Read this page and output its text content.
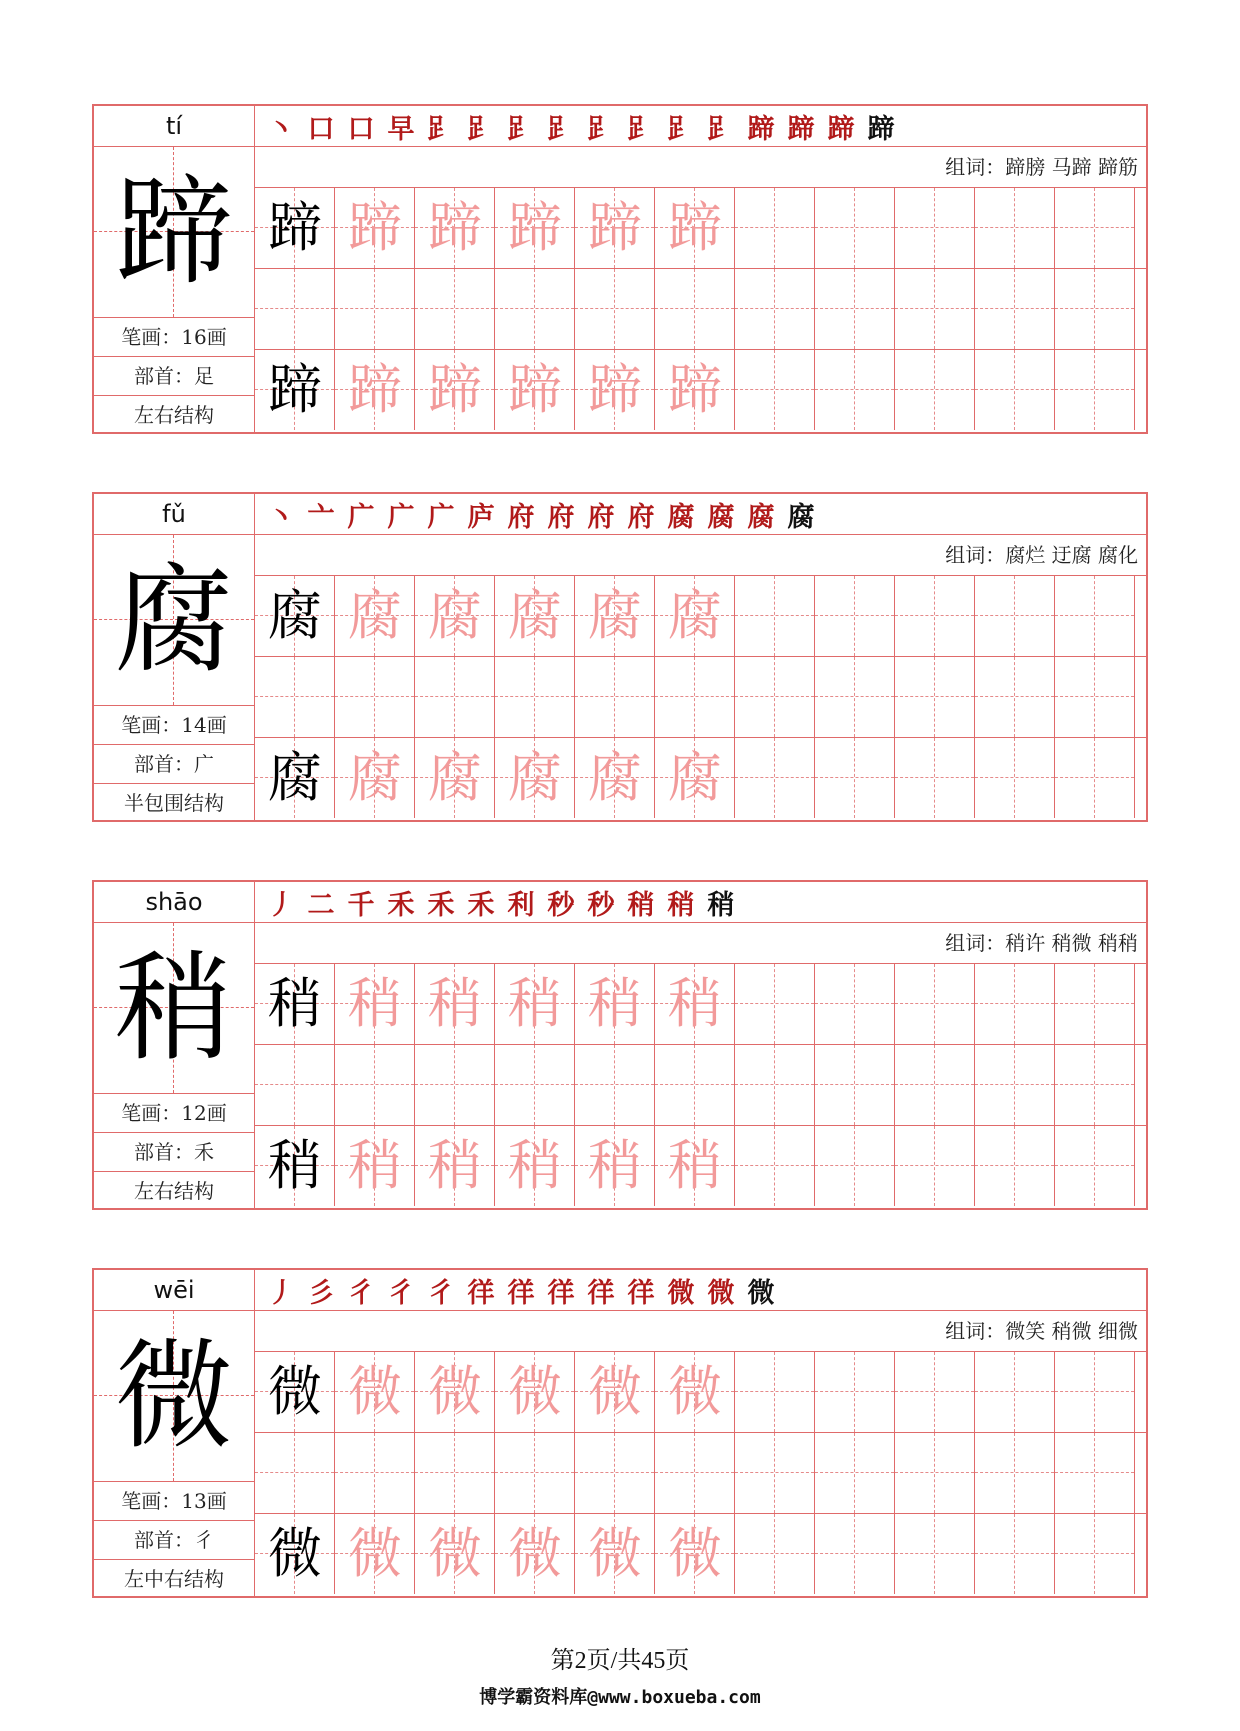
tí
蹄
笔画：16画
部首：足
左右结构
丶 口 口 早 𧾷 𧾷 𧾷 𧾷 𧾷 𧾷 𧾷 𧾷 蹄 蹄 蹄 蹄
组词：蹄膀 马蹄 蹄筋
蹄 蹄 蹄 蹄 蹄 蹄
蹄 蹄 蹄 蹄 蹄 蹄
fǔ
腐
笔画：14画
部首：广
半包围结构
丶 亠 广 广 广 庐 府 府 府 府 腐 腐 腐 腐
组词：腐烂 迂腐 腐化
腐 腐 腐 腐 腐 腐
腐 腐 腐 腐 腐 腐
shāo
稍
笔画：12画
部首：禾
左右结构
丿 二 千 禾 禾 禾 利 秒 秒 稍 稍 稍
组词：稍许 稍微 稍稍
稍 稍 稍 稍 稍 稍
稍 稍 稍 稍 稍 稍
wēi
微
笔画：13画
部首：彳
左中右结构
丿 彡 彳 彳 彳 徉 徉 徉 徉 徉 微 微 微
组词：微笑 稍微 细微
微 微 微 微 微 微
微 微 微 微 微 微
第2页/共45页
博学霸资料库@www.boxueba.com
